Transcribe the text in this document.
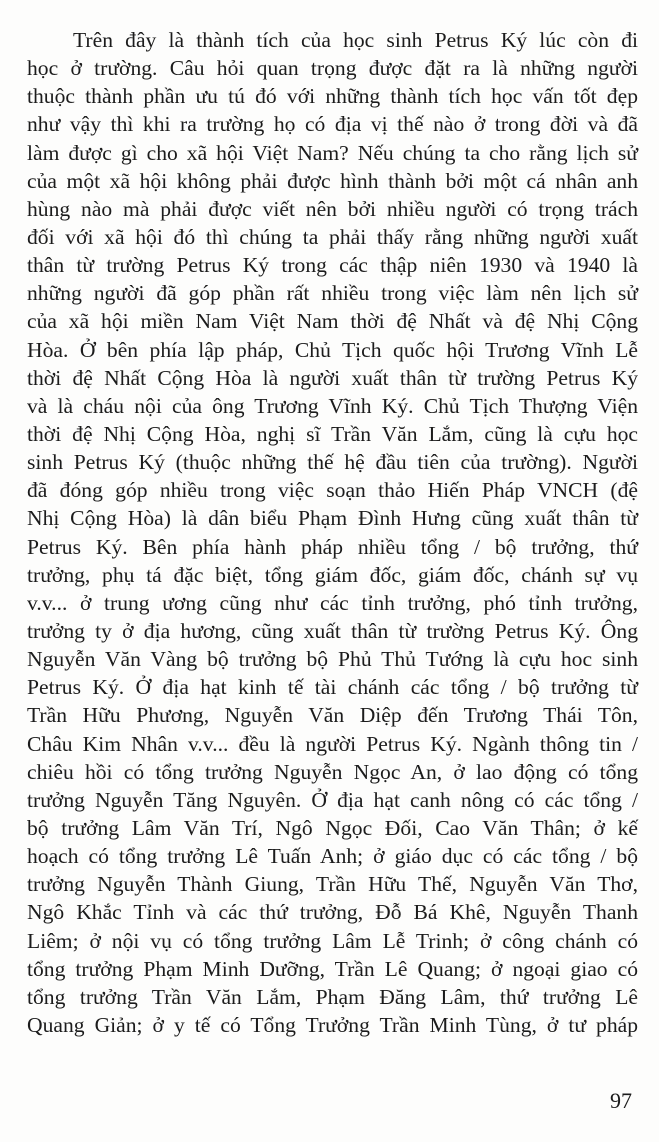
Trên đây là thành tích của học sinh Petrus Ký lúc còn đi
học ở trường. Câu hỏi quan trọng được đặt ra là những người
thuộc thành phần ưu tú đó với những thành tích học vấn tốt đẹp
như vậy thì khi ra trường họ có địa vị thế nào ở trong đời và đã
làm được gì cho xã hội Việt Nam? Nếu chúng ta cho rằng lịch sử
của một xã hội không phải được hình thành bởi một cá nhân anh
hùng nào mà phải được viết nên bởi nhiều người có trọng trách
đối với xã hội đó thì chúng ta phải thấy rằng những người xuất
thân từ trường Petrus Ký trong các thập niên 1930 và 1940 là
những người đã góp phần rất nhiều trong việc làm nên lịch sử
của xã hội miền Nam Việt Nam thời đệ Nhất và đệ Nhị Cộng
Hòa. Ở bên phía lập pháp, Chủ Tịch quốc hội Trương Vĩnh Lễ
thời đệ Nhất Cộng Hòa là người xuất thân từ trường Petrus Ký
và là cháu nội của ông Trương Vĩnh Ký. Chủ Tịch Thượng Viện
thời đệ Nhị Cộng Hòa, nghị sĩ Trần Văn Lắm, cũng là cựu học
sinh Petrus Ký (thuộc những thế hệ đầu tiên của trường). Người
đã đóng góp nhiều trong việc soạn thảo Hiến Pháp VNCH (đệ
Nhị Cộng Hòa) là dân biểu Phạm Đình Hưng cũng xuất thân từ
Petrus Ký. Bên phía hành pháp nhiều tổng / bộ trưởng, thứ
trưởng, phụ tá đặc biệt, tổng giám đốc, giám đốc, chánh sự vụ
v.v... ở trung ương cũng như các tỉnh trưởng, phó tỉnh trưởng,
trưởng ty ở địa hương, cũng xuất thân từ trường Petrus Ký. Ông
Nguyễn Văn Vàng bộ trưởng bộ Phủ Thủ Tướng là cựu hoc sinh
Petrus Ký. Ở địa hạt kinh tế tài chánh các tổng / bộ trưởng từ
Trần Hữu Phương, Nguyễn Văn Diệp đến Trương Thái Tôn,
Châu Kim Nhân v.v... đều là người Petrus Ký. Ngành thông tin /
chiêu hồi có tổng trưởng Nguyễn Ngọc An, ở lao động có tổng
trưởng Nguyễn Tăng Nguyên. Ở địa hạt canh nông có các tổng /
bộ trưởng Lâm Văn Trí, Ngô Ngọc Đối, Cao Văn Thân; ở kế
hoạch có tổng trưởng Lê Tuấn Anh; ở giáo dục có các tổng / bộ
trưởng Nguyễn Thành Giung, Trần Hữu Thế, Nguyễn Văn Thơ,
Ngô Khắc Tỉnh và các thứ trưởng, Đỗ Bá Khê, Nguyễn Thanh
Liêm; ở nội vụ có tổng trưởng Lâm Lễ Trinh; ở công chánh có
tổng trưởng Phạm Minh Dưỡng, Trần Lê Quang; ở ngoại giao có
tổng trưởng Trần Văn Lắm, Phạm Đăng Lâm, thứ trưởng Lê
Quang Giản; ở y tế có Tổng Trưởng Trần Minh Tùng, ở tư pháp
97
